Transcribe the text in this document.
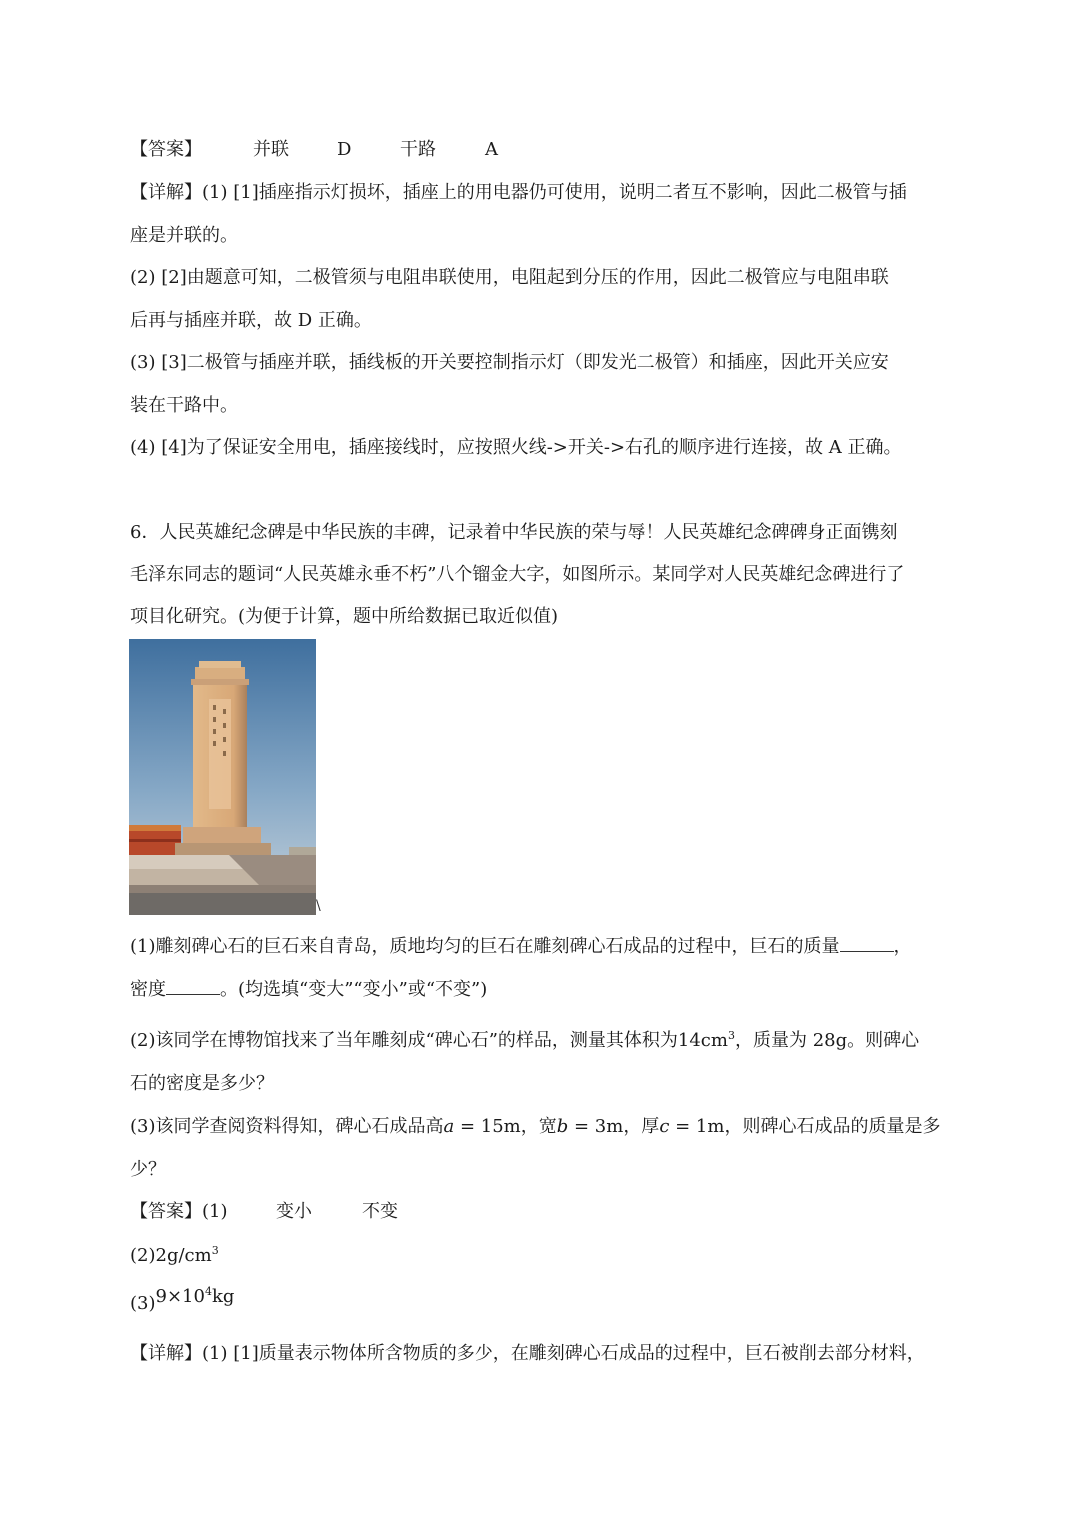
【答案】	并联	D	干路	A
【详解】(1) [1]插座指示灯损坏，插座上的用电器仍可使用，说明二者互不影响，因此二极管与插
座是并联的。
(2) [2]由题意可知，二极管须与电阻串联使用，电阻起到分压的作用，因此二极管应与电阻串联
后再与插座并联，故 D 正确。
(3) [3]二极管与插座并联，插线板的开关要控制指示灯（即发光二极管）和插座，因此开关应安
装在干路中。
(4) [4]为了保证安全用电，插座接线时，应按照火线->开关->右孔的顺序进行连接，故 A 正确。
6．人民英雄纪念碑是中华民族的丰碑，记录着中华民族的荣与辱！人民英雄纪念碑碑身正面镌刻
毛泽东同志的题词“人民英雄永垂不朽”八个镏金大字，如图所示。某同学对人民英雄纪念碑进行了
项目化研究。(为便于计算，题中所给数据已取近似值)
\
(1)雕刻碑心石的巨石来自青岛，质地均匀的巨石在雕刻碑心石成品的过程中，巨石的质量	，
密度	。(均选填“变大”“变小”或“不变”)
(2)该同学在博物馆找来了当年雕刻成“碑心石”的样品，测量其体积为$14cm^3$，质量为 28g。则碑心
石的密度是多少？
(3)该同学查阅资料得知，碑心石成品高a = 15m，宽b = 3m，厚c = 1m，则碑心石成品的质量是多
少？
【答案】(1)	变小	不变
$(2)2g/cm^3$
$(3)9\times 10^4kg$
【详解】(1) [1]质量表示物体所含物质的多少，在雕刻碑心石成品的过程中，巨石被削去部分材料，
